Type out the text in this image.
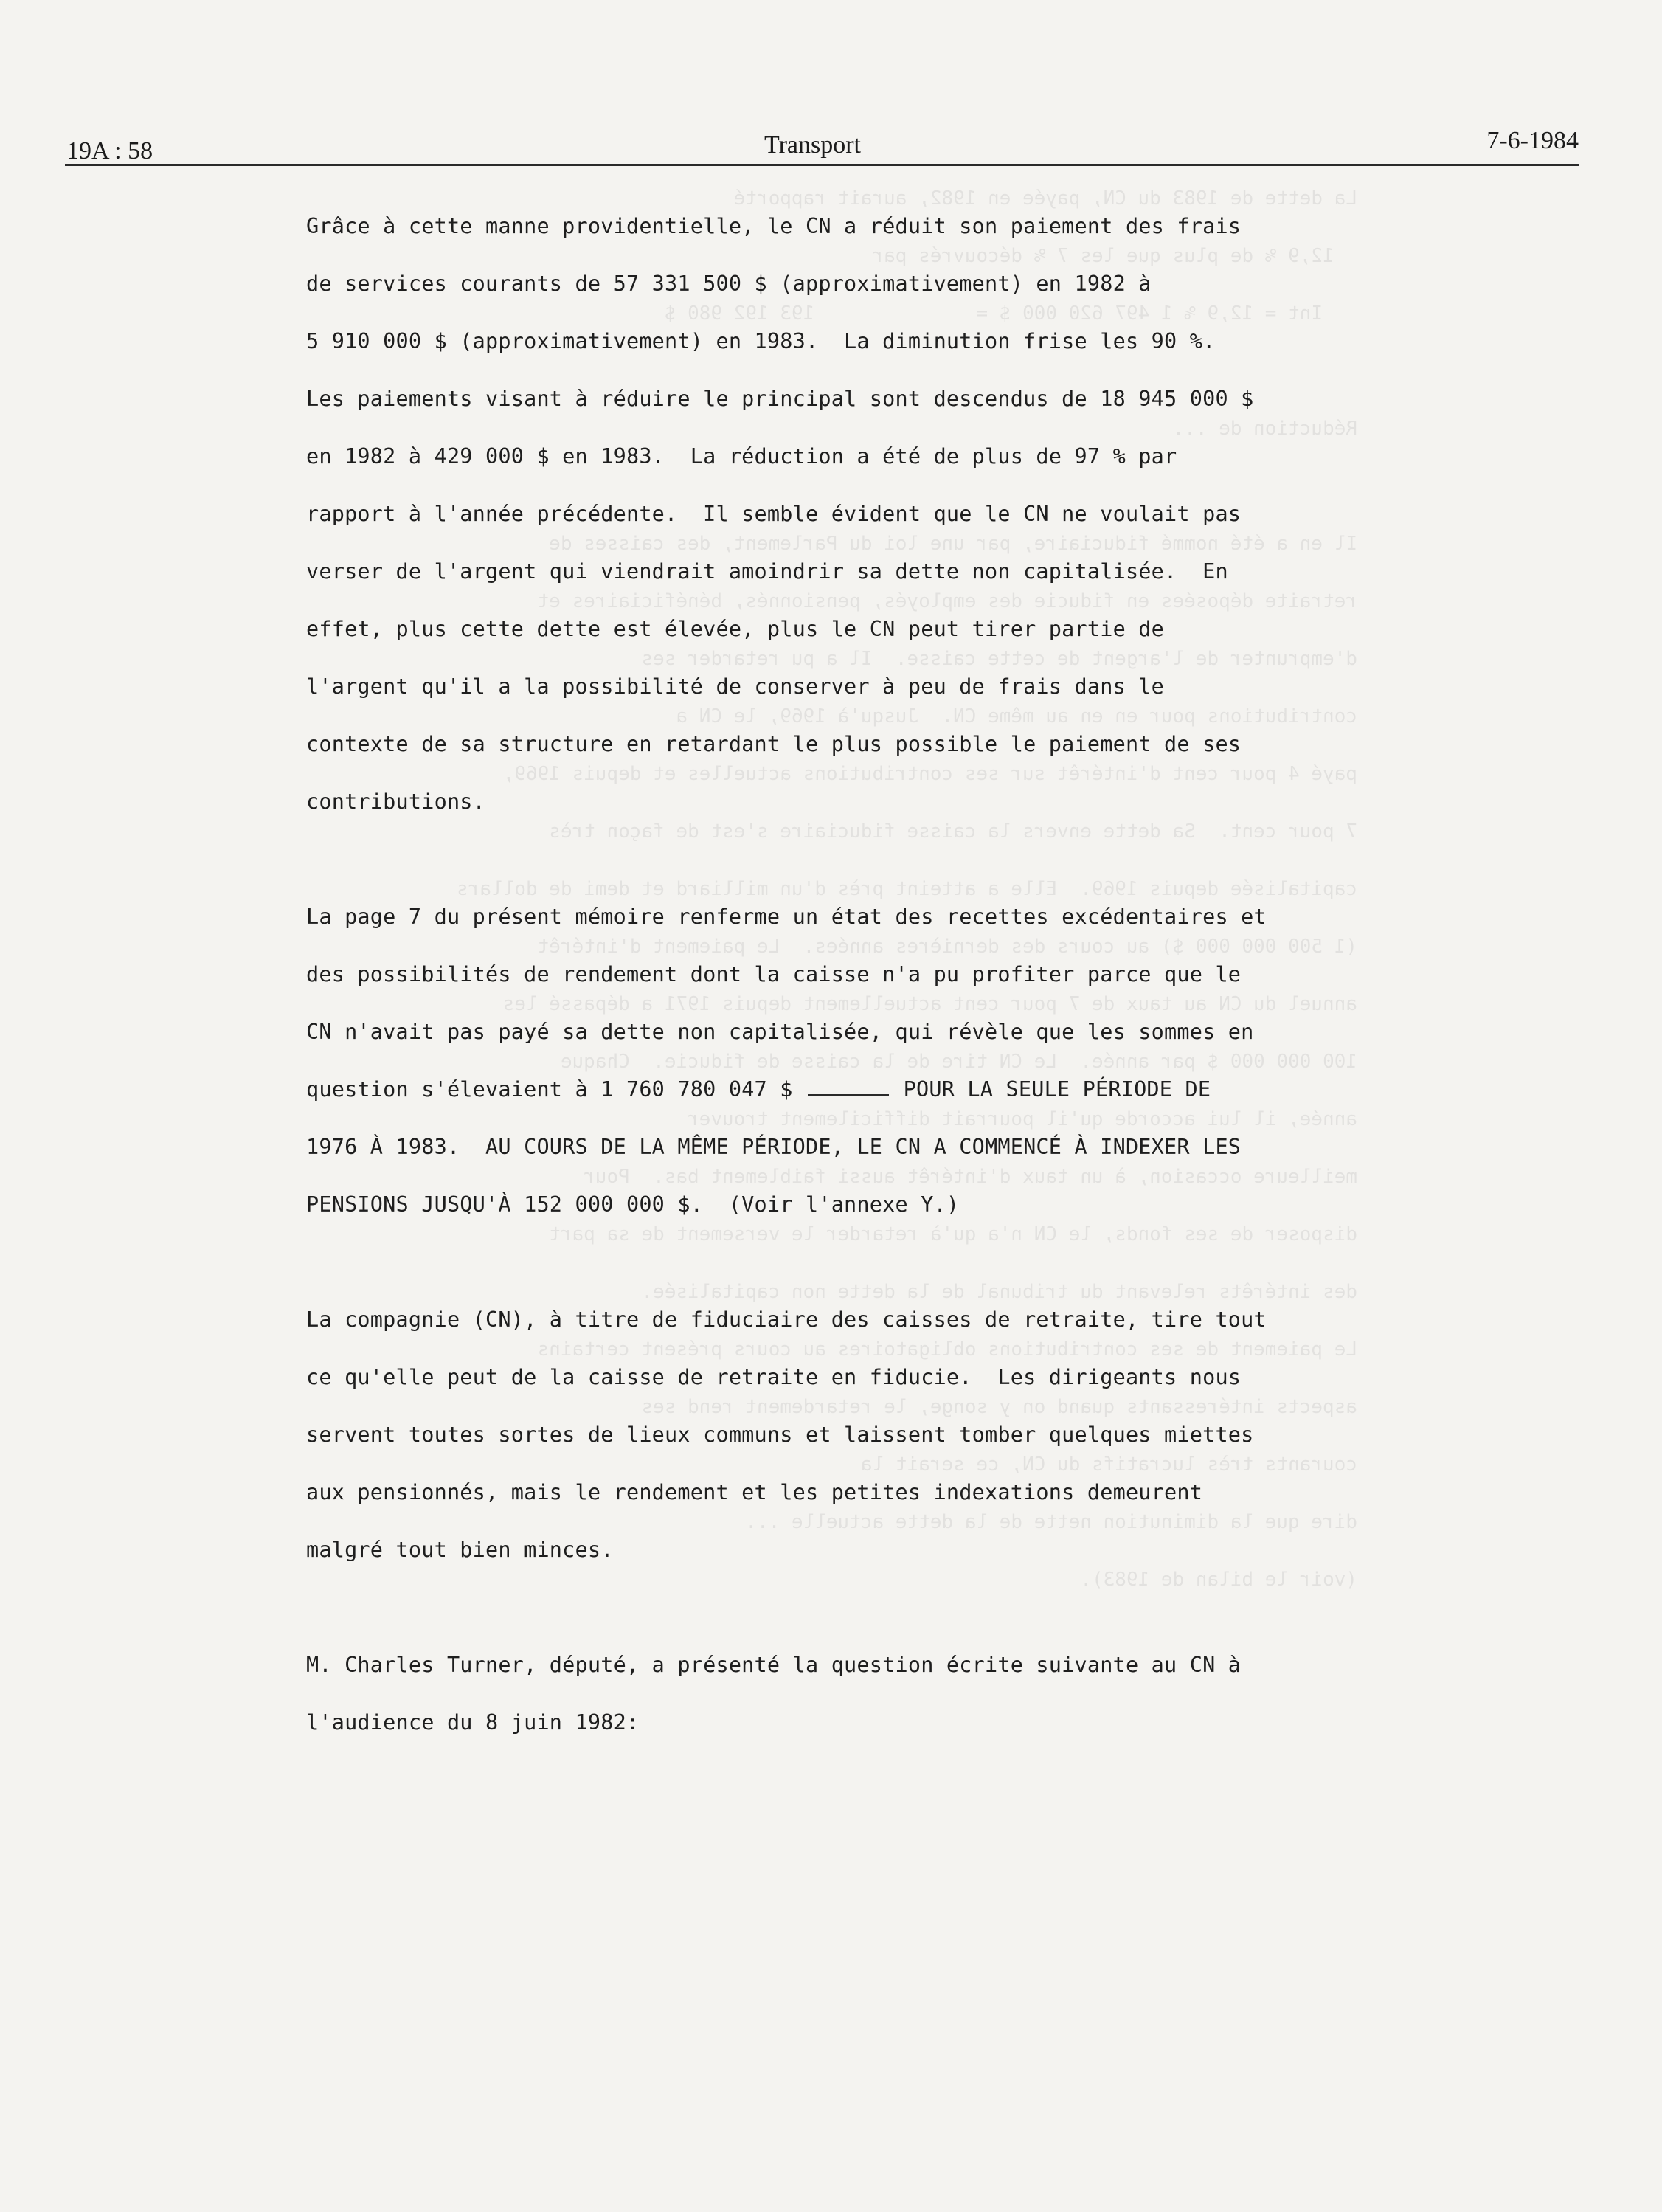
La dette de 1983 du CN, payée en 1982, aurait rapporté
12,9 % de plus que les 7 % découvrés par
Int = 12,9 % 1 497 620 000 $ =              193 192 980 $

Réduction de ...

Il en a été nommé fiduciaire, par une loi du Parlement, des caisses de
retraite déposées en fiducie des employés, pensionnés, bénéficiaires et
d'emprunter de l'argent de cette caisse.  Il a pu retarder ses
contributions pour en en au même CN.  Jusqu'à 1969, le CN a
payé 4 pour cent d'intérêt sur ses contributions actuelles et depuis 1969,
7 pour cent.  Sa dette envers la caisse fiduciaire s'est de façon très
capitalisée depuis 1969.  Elle a atteint près d'un milliard et demi de dollars
(1 500 000 000 $) au cours des dernières années.  Le paiement d'intérêt
annuel du CN au taux de 7 pour cent actuellement depuis 1971 a dépassé les
100 000 000 $ par année.  Le CN tire de la caisse de fiducie.  Chaque
année, il lui accorde qu'il pourrait difficilement trouver
meilleure occasion, à un taux d'intérêt aussi faiblement bas.  Pour
disposer de ses fonds, le CN n'a qu'à retarder le versement de sa part
des intérêts relevant du tribunal de la dette non capitalisée.
Le paiement de ses contributions obligatoires au cours présent certains
aspects intéressants quand on y songe, le retardement rend ses
courants très lucratifs du CN, ce serait la
dire que la diminution nette de la dette actuelle ...
(voir le bilan de 1983).
19A : 58	Transport	7-6-1984
Grâce à cette manne providentielle, le CN a réduit son paiement des frais
de services courants de 57 331 500 $ (approximativement) en 1982 à
5 910 000 $ (approximativement) en 1983.  La diminution frise les 90 %.
Les paiements visant à réduire le principal sont descendus de 18 945 000 $
en 1982 à 429 000 $ en 1983.  La réduction a été de plus de 97 % par
rapport à l'année précédente.  Il semble évident que le CN ne voulait pas
verser de l'argent qui viendrait amoindrir sa dette non capitalisée.  En
effet, plus cette dette est élevée, plus le CN peut tirer partie de
l'argent qu'il a la possibilité de conserver à peu de frais dans le
contexte de sa structure en retardant le plus possible le paiement de ses
contributions.
La page 7 du présent mémoire renferme un état des recettes excédentaires et
des possibilités de rendement dont la caisse n'a pu profiter parce que le
CN n'avait pas payé sa dette non capitalisée, qui révèle que les sommes en
question s'élevaient à 1 760 780 047 $	POUR LA SEULE PÉRIODE DE
1976 À 1983.  AU COURS DE LA MÊME PÉRIODE, LE CN A COMMENCÉ À INDEXER LES
PENSIONS JUSQU'À 152 000 000 $.  (Voir l'annexe Y.)
La compagnie (CN), à titre de fiduciaire des caisses de retraite, tire tout
ce qu'elle peut de la caisse de retraite en fiducie.  Les dirigeants nous
servent toutes sortes de lieux communs et laissent tomber quelques miettes
aux pensionnés, mais le rendement et les petites indexations demeurent
malgré tout bien minces.
M. Charles Turner, député, a présenté la question écrite suivante au CN à
l'audience du 8 juin 1982:
